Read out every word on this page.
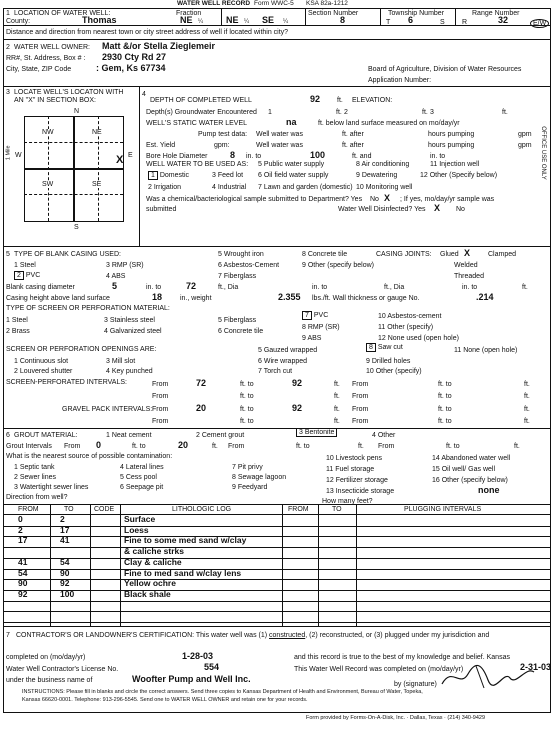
WATER WELL RECORD Form WWC-5 KSA 82a-1212
1 LOCATION OF WATER WELL:
County:	Thomas
Fraction
NE ¼	NE ¼ SE ¼
Section Number
8
Township Number
T 6	S
Range Number
R	32	E/W
Distance and direction from nearest town or city street address of well if located within city?
2 WATER WELL OWNER: Matt &/or Stella Zieglemeir
RR#, St. Address, Box # : 2930 Cty Rd 27
City, State, ZIP Code	: Gem, Ks 67734	Board of Agriculture, Division of Water Resources
Application Number:
3 LOCATE WELL'S LOCATON WITH
AN "X" IN SECTION BOX:
N
S
W	E
1 Mile
NW	NE
SW	SE
X
4
DEPTH OF COMPLETED WELL	92 ft. ELEVATION:
Depth(s) Groundwater Encountered 1	ft. 2	ft. 3	ft.
WELL'S STATIC WATER LEVEL	na	ft. below land surface measured on mo/day/yr
Pump test data: Well water was	ft. after	hours pumping	gpm
Est. Yield	gpm:	Well water was	ft. after	hours pumping	gpm
Bore Hole Diameter	8 in. to	100	ft. and	in. to
WELL WATER TO BE USED AS: 5 Public water supply	8 Air conditioning	11 Injection well
1 Domestic	3 Feed lot 6 Oil field water supply	9 Dewatering	12 Other (Specify below)
2 Irrigation	4 Industrial 7 Lawn and garden (domestic) 10 Monitoring well
Was a chemical/bacteriological sample submitted to Department? Yes No X ; If yes, mo/day/yr sample was
submitted	Water Well Disinfected? Yes X No
OFFICE USE ONLY
5 TYPE OF BLANK CASING USED:	5 Wrought iron	8 Concrete tile	CASING JOINTS: Glued X	Clamped
1 Steel	3 RMP (SR)	6 Asbestos-Cement	9 Other (specify below)	Welded
2 PVC	4 ABS	7 Fiberglass	Threaded
Blank casing diameter	5	in. to	72	ft., Dia	in. to	ft., Dia	in. to	ft.
Casing height above land surface	18	in., weight	2.355 lbs./ft. Wall thickness or gauge No.	.214
TYPE OF SCREEN OR PERFORATION MATERIAL:
1 Steel	3 Stainless steel	5 Fiberglass
7 PVC	10 Asbestos-cement
2 Brass	4 Galvanized steel	6 Concrete tile
8 RMP (SR)	11 Other (specify)
9 ABS	12 None used (open hole)
SCREEN OR PERFORATION OPENINGS ARE:	5 Gauzed wrapped	8 Saw cut	11 None (open hole)
1 Continuous slot	3 Mill slot	6 Wire wrapped	9 Drilled holes
2 Louvered shutter	4 Key punched	7 Torch cut	10 Other (specify)
SCREEN-PERFORATED INTERVALS:	From	72	ft. to	92	ft. From	ft. to	ft.
From	ft. to	ft. From	ft. to	ft.
GRAVEL PACK INTERVALS: From	20	ft. to	92	ft. From	ft. to	ft.
From	ft. to	ft. From	ft. to	ft.
6 GROUT MATERIAL:	1 Neat cement	2 Cement grout	3 Bentonite	4 Other
Grout Intervals From 0	ft. to	20	ft. From	ft. to	ft. From	ft. to	ft.
What is the nearest source of possible contamination:
1 Septic tank	4 Lateral lines	7 Pit privy
10 Livestock pens	14 Abandoned water well
2 Sewer lines	5 Cess pool	8 Sewage lagoon
11 Fuel storage	15 Oil well/ Gas well
3 Watertight sewer lines	6 Seepage pit	9 Feedyard
12 Fertilizer storage	16 Other (specify below)
13 Insecticide storage	none
Direction from well?
How many feet?
FROM	TO	CODE	LITHOLOGIC LOG	FROM	TO	PLUGGING INTERVALS
0	2	Surface
2	17	Loess
17	41	Fine to some med sand w/clay
& caliche strks
41	54	Clay & caliche
54	90	Fine to med sand w/clay lens
90	92	Yellow ochre
92	100	Black shale
7 CONTRACTOR'S OR LANDOWNER'S CERTIFICATION: This water well was (1) constructed, (2) reconstructed, or (3) plugged under my jurisdiction and
completed on (mo/day/yr)	1-28-03	and this record is true to the best of my knowledge and belief. Kansas
Water Well Contractor's License No.	554	This Water Well Record was completed on (mo/day/yr)	2-31-03
under the business name of	Woofter Pump and Well Inc.
by (signature)
INSTRUCTIONS: Please fill in blanks and circle the correct answers. Send three copies to Kansas Department of Health and Environment, Bureau of Water, Topeka,
Kansas 66620-0001. Telephone: 913-296-5545. Send one to WATER WELL OWNER and retain one for your records.
Form provided by Forms-On-A-Disk, Inc. · Dallas, Texas · (214) 340-9429
